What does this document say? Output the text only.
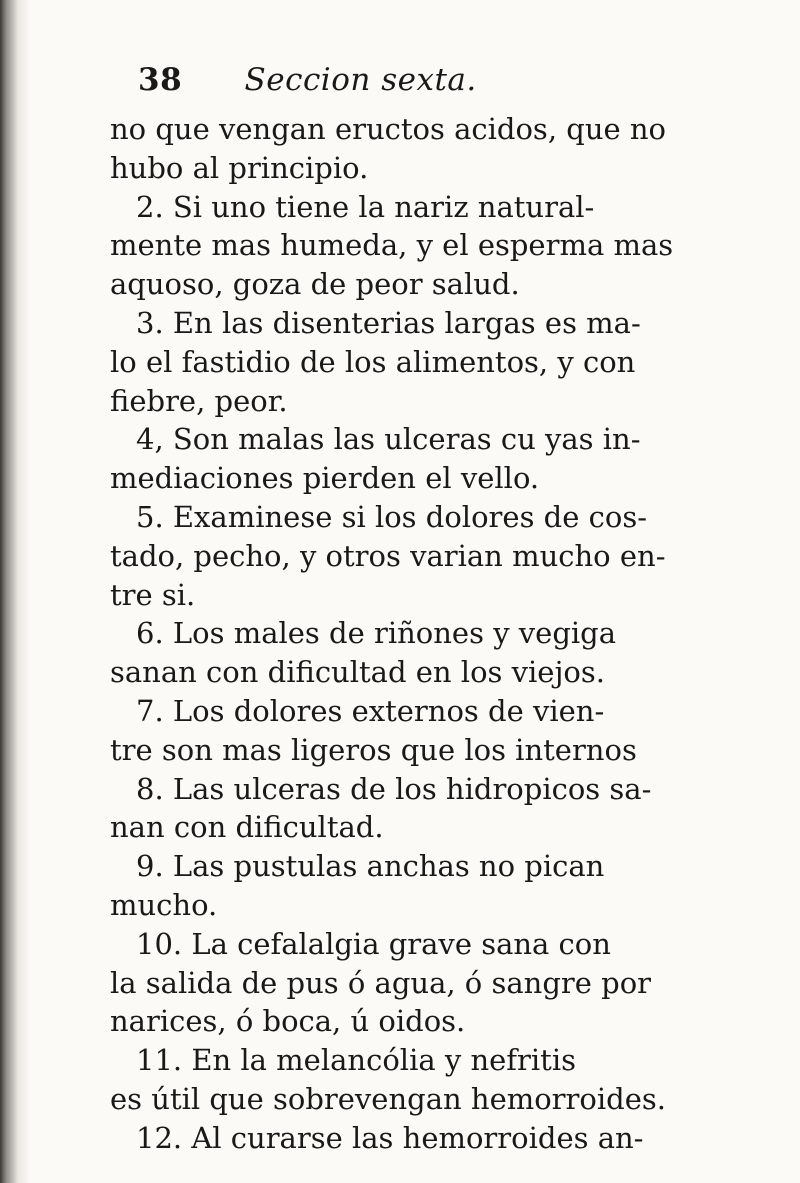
38 Seccion sexta.
no que vengan eructos acidos, que no
hubo al principio.
2. Si uno tiene la nariz natural-
mente mas humeda, y el esperma mas
aquoso, goza de peor salud.
3. En las disenterias largas es ma-
lo el fastidio de los alimentos, y con
fiebre, peor.
4, Son malas las ulceras cu yas in-
mediaciones pierden el vello.
5. Examinese si los dolores de cos-
tado, pecho, y otros varian mucho en-
tre si.
6. Los males de riñones y vegiga
sanan con dificultad en los viejos.
7. Los dolores externos de vien-
tre son mas ligeros que los internos
8. Las ulceras de los hidropicos sa-
nan con dificultad.
9. Las pustulas anchas no pican
mucho.
10. La cefalalgia grave sana con
la salida de pus ó agua, ó sangre por
narices, ó boca, ú oidos.
11. En la melancólia y nefritis
es útil que sobrevengan hemorroides.
12. Al curarse las hemorroides an-
